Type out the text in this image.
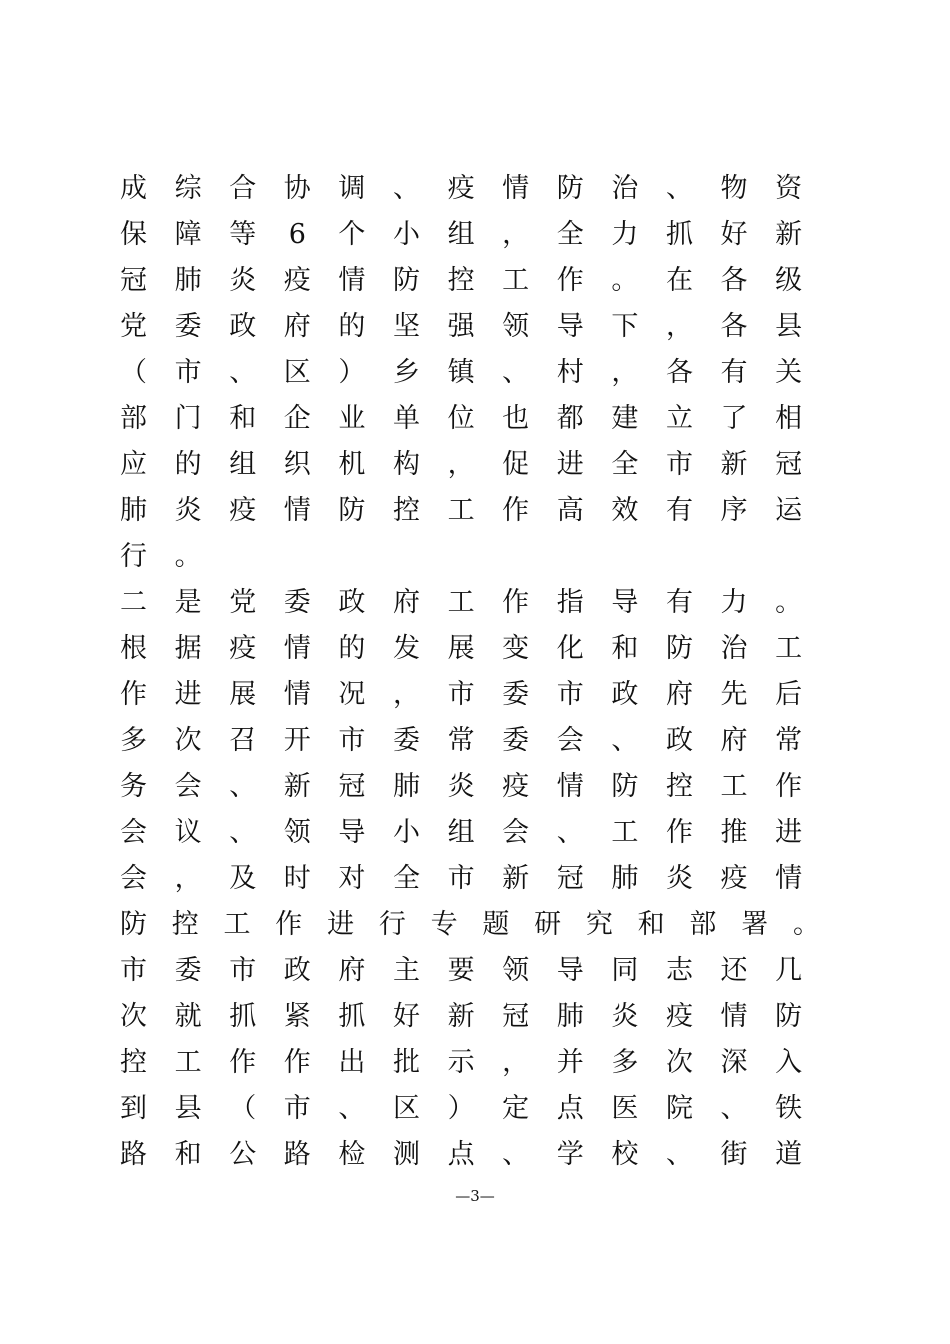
成 综 合 协 调 、 疫 情 防 治 、 物 资
保 障 等 6 个 小 组 ， 全 力 抓 好 新
冠 肺 炎 疫 情 防 控 工 作 。 在 各 级
党 委 政 府 的 坚 强 领 导 下 ， 各 县
（ 市 、 区 ） 乡 镇 、 村 ， 各 有 关
部 门 和 企 业 单 位 也 都 建 立 了 相
应 的 组 织 机 构 ， 促 进 全 市 新 冠
肺 炎 疫 情 防 控 工 作 高 效 有 序 运
行 。
二 是 党 委 政 府 工 作 指 导 有 力 。
根 据 疫 情 的 发 展 变 化 和 防 治 工
作 进 展 情 况 ， 市 委 市 政 府 先 后
多 次 召 开 市 委 常 委 会 、 政 府 常
务 会 、 新 冠 肺 炎 疫 情 防 控 工 作
会 议 、 领 导 小 组 会 、 工 作 推 进
会 ， 及 时 对 全 市 新 冠 肺 炎 疫 情
防 控 工 作 进 行 专 题 研 究 和 部 署 。
市 委 市 政 府 主 要 领 导 同 志 还 几
次 就 抓 紧 抓 好 新 冠 肺 炎 疫 情 防
控 工 作 作 出 批 示 ， 并 多 次 深 入
到 县 （ 市 、 区 ） 定 点 医 院 、 铁
路 和 公 路 检 测 点 、 学 校 、 街 道
—3—
